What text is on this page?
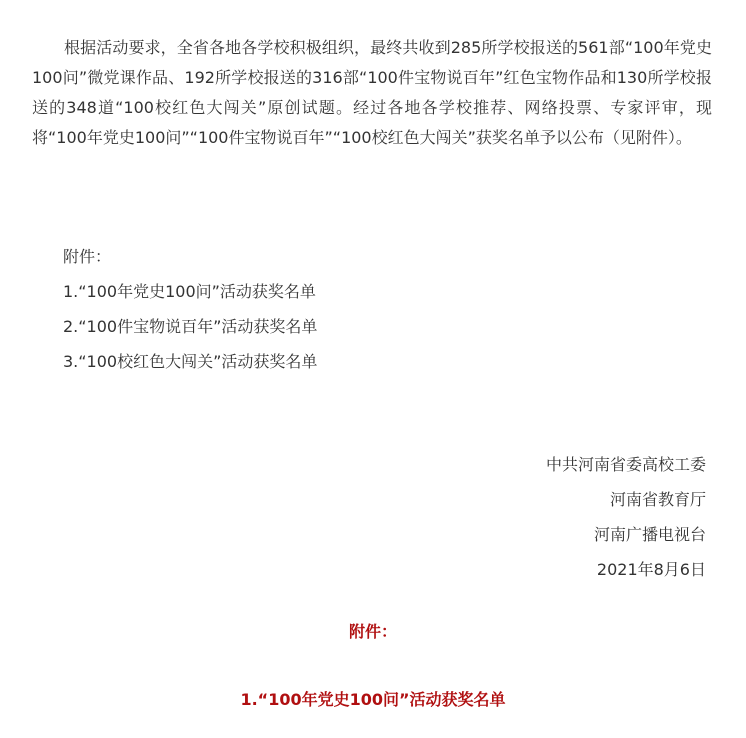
根据活动要求，全省各地各学校积极组织，最终共收到285所学校报送的561部“100年党史100问”微党课作品、192所学校报送的316部“100件宝物说百年”红色宝物作品和130所学校报送的348道“100校红色大闯关”原创试题。经过各地各学校推荐、网络投票、专家评审，现将“100年党史100问”“100件宝物说百年”“100校红色大闯关”获奖名单予以公布（见附件）。

附件：

1.“100年党史100问”活动获奖名单

2.“100件宝物说百年”活动获奖名单

3.“100校红色大闯关”活动获奖名单

中共河南省委高校工委

河南省教育厅

河南广播电视台

2021年8月6日

附件：

1.“100年党史100问”活动获奖名单
